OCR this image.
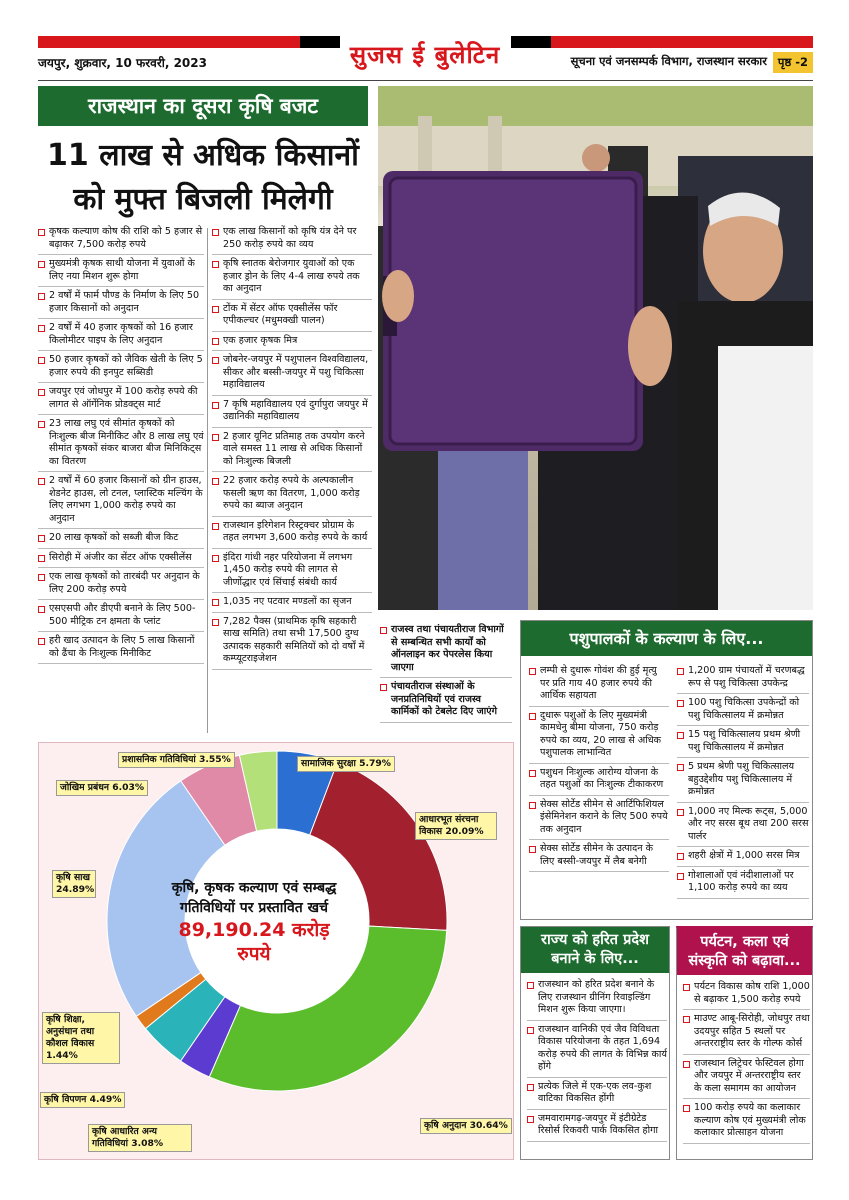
जयपुर, शुक्रवार, 10 फरवरी, 2023	सुजस ई बुलेटिन	सूचना एवं जनसम्पर्क विभाग, राजस्थान सरकार पृष्ठ -2
राजस्थान का दूसरा कृषि बजट
11 लाख से अधिक किसानों को मुफ्त बिजली मिलेगी
कृषक कल्याण कोष की राशि को 5 हजार से बढ़ाकर 7,500 करोड़ रुपये
मुख्यमंत्री कृषक साथी योजना में युवाओं के लिए नया मिशन शुरू होगा
2 वर्षों में फार्म पौण्ड के निर्माण के लिए 50 हजार किसानों को अनुदान
2 वर्षों में 40 हजार कृषकों को 16 हजार किलोमीटर पाइप के लिए अनुदान
50 हजार कृषकों को जैविक खेती के लिए 5 हजार रुपये की इनपुट सब्सिडी
जयपुर एवं जोधपुर में 100 करोड़ रुपये की लागत से ऑर्गेनिक प्रोडक्ट्स मार्ट
23 लाख लघु एवं सीमांत कृषकों को निःशुल्क बीज मिनीकिट और 8 लाख लघु एवं सीमांत कृषकों संकर बाजरा बीज मिनिकिट्स का वितरण
2 वर्षों में 60 हजार किसानों को ग्रीन हाउस, शेडनेट हाउस, लो टनल, प्लास्टिक मल्चिंग के लिए लगभग 1,000 करोड़ रुपये का अनुदान
20 लाख कृषकों को सब्जी बीज किट
सिरोही में अंजीर का सेंटर ऑफ एक्सीलेंस
एक लाख कृषकों को तारबंदी पर अनुदान के लिए 200 करोड़ रुपये
एसएसपी और डीएपी बनाने के लिए 500-500 मीट्रिक टन क्षमता के प्लांट
हरी खाद उत्पादन के लिए 5 लाख किसानों को ढैंचा के निःशुल्क मिनीकिट
एक लाख किसानों को कृषि यंत्र देने पर 250 करोड़ रुपये का व्यय
कृषि स्नातक बेरोजगार युवाओं को एक हजार ड्रोन के लिए 4-4 लाख रुपये तक का अनुदान
टोंक में सेंटर ऑफ एक्सीलेंस फॉर एपीकल्चर (मधुमक्खी पालन)
एक हजार कृषक मित्र
जोबनेर-जयपुर में पशुपालन विश्वविद्यालय, सीकर और बस्सी-जयपुर में पशु चिकित्सा महाविद्यालय
7 कृषि महाविद्यालय एवं दुर्गापुरा जयपुर में उद्यानिकी महाविद्यालय
2 हजार यूनिट प्रतिमाह तक उपयोग करने वाले समस्त 11 लाख से अधिक किसानों को निःशुल्क बिजली
22 हजार करोड़ रुपये के अल्पकालीन फसली ऋण का वितरण, 1,000 करोड़ रुपये का ब्याज अनुदान
राजस्थान इरिगेशन रिस्ट्रक्चर प्रोग्राम के तहत लगभग 3,600 करोड़ रुपये के कार्य
इंदिरा गांधी नहर परियोजना में लगभग 1,450 करोड़ रुपये की लागत से जीर्णोद्धार एवं सिंचाई संबंधी कार्य
1,035 नए पटवार मण्डलों का सृजन
7,282 पैक्स (प्राथमिक कृषि सहकारी साख समिति) तथा सभी 17,500 दुग्ध उत्पादक सहकारी समितियों को दो वर्षों में कम्प्यूटराइजेशन
राजस्व तथा पंचायतीराज विभागों से सम्बन्धित सभी कार्यों को ऑनलाइन कर पेपरलेस किया जाएगा
पंचायतीराज संस्थाओं के जनप्रतिनिधियों एवं राजस्व कार्मिकों को टेबलेट दिए जाएंगे
पशुपालकों के कल्याण के लिए...
लम्पी से दुधारू गोवंश की हुई मृत्यु पर प्रति गाय 40 हजार रुपये की आर्थिक सहायता
दुधारू पशुओं के लिए मुख्यमंत्री कामधेनु बीमा योजना, 750 करोड़ रुपये का व्यय, 20 लाख से अधिक पशुपालक लाभान्वित
पशुधन निःशुल्क आरोग्य योजना के तहत पशुओं का निःशुल्क टीकाकरण
सेक्स सोर्टेड सीमेन से आर्टिफिशियल इंसेमिनेशन कराने के लिए 500 रुपये तक अनुदान
सेक्स सोर्टेड सीमेन के उत्पादन के लिए बस्सी-जयपुर में लैब बनेगी
1,200 ग्राम पंचायतों में चरणबद्ध रूप से पशु चिकित्सा उपकेन्द्र
100 पशु चिकित्सा उपकेन्द्रों को पशु चिकित्सालय में क्रमोन्नत
15 पशु चिकित्सालय प्रथम श्रेणी पशु चिकित्सालय में क्रमोन्नत
5 प्रथम श्रेणी पशु चिकित्सालय बहुउद्देशीय पशु चिकित्सालय में क्रमोन्नत
1,000 नए मिल्क रूट्स, 5,000 और नए सरस बूथ तथा 200 सरस पार्लर
शहरी क्षेत्रों में 1,000 सरस मित्र
गोशालाओं एवं नंदीशालाओं पर 1,100 करोड़ रुपये का व्यय
राज्य को हरित प्रदेश बनाने के लिए...
राजस्थान को हरित प्रदेश बनाने के लिए राजस्थान ग्रीनिंग रिवाइल्डिंग मिशन शुरू किया जाएगा।
राजस्थान वानिकी एवं जैव विविधता विकास परियोजना के तहत 1,694 करोड़ रुपये की लागत के विभिन्न कार्य होंगे
प्रत्येक जिले में एक-एक लव-कुश वाटिका विकसित होंगी
जमवारामगढ़-जयपुर में इंटीग्रेटेड रिसोर्स रिकवरी पार्क विकसित होगा
पर्यटन, कला एवं संस्कृति को बढ़ावा...
पर्यटन विकास कोष राशि 1,000 से बढ़ाकर 1,500 करोड़ रुपये
माउण्ट आबू-सिरोही, जोधपुर तथा उदयपुर सहित 5 स्थलों पर अन्तरराष्ट्रीय स्तर के गोल्फ कोर्स
राजस्थान लिट्रेचर फेस्टिवल होगा और जयपुर में अन्तरराष्ट्रीय स्तर के कला समागम का आयोजन
100 करोड़ रुपये का कलाकार कल्याण कोष एवं मुख्यमंत्री लोक कलाकार प्रोत्साहन योजना
सामाजिक सुरक्षा 5.79%
आधारभूत संरचना विकास 20.09%
कृषि अनुदान 30.64%
कृषि आधारित अन्य गतिविधियां 3.08%
कृषि विपणन 4.49%
कृषि शिक्षा, अनुसंधान तथा कौशल विकास 1.44%
कृषि साख 24.89%
जोखिम प्रबंधन 6.03%
प्रशासनिक गतिविधियां 3.55%
कृषि, कृषक कल्याण एवं सम्बद्ध गतिविधियों पर प्रस्तावित खर्च
89,190.24 करोड़ रुपये
